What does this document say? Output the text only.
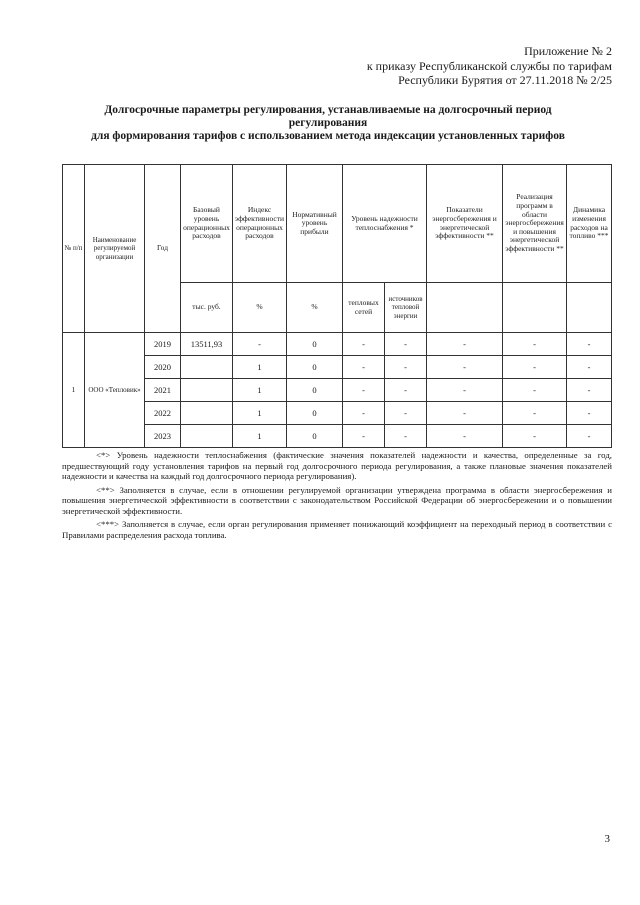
Приложение № 2
к приказу Республиканской службы по тарифам
Республики Бурятия от 27.11.2018 № 2/25
Долгосрочные параметры регулирования, устанавливаемые на долгосрочный период
регулирования
для формирования тарифов с использованием метода индексации установленных тарифов
№ п/п	Наименование регулируемой организации	Год	Базовый уровень операционных расходов	Индекс эффективности операционных расходов	Нормативный уровень прибыли	Уровень надежности теплоснабжения *		Показатели энергосбережения и энергетической эффективности **	Реализация программ в области энергосбережения и повышения энергетической эффективности **	Динамика изменения расходов на топливо ***
			тыс. руб.	%	%	тепловых сетей	источников тепловой энергии			
1	ООО «Тепловик»	2019	13511,93	-	0	-	-	-	-	-
		2020		1	0	-	-	-	-	-
		2021		1	0	-	-	-	-	-
		2022		1	0	-	-	-	-	-
		2023		1	0	-	-	-	-	-

<*> Уровень надежности теплоснабжения (фактические значения показателей надежности и качества, определенные за год, предшествующий году установления тарифов на первый год долгосрочного периода регулирования, а также плановые значения показателей надежности и качества на каждый год долгосрочного периода регулирования).

<**> Заполняется в случае, если в отношении регулируемой организации утверждена программа в области энергосбережения и повышения энергетической эффективности в соответствии с законодательством Российской Федерации об энергосбережении и о повышении энергетической эффективности.

<***> Заполняется в случае, если орган регулирования применяет понижающий коэффициент на переходный период в соответствии с Правилами распределения расхода топлива.

3
